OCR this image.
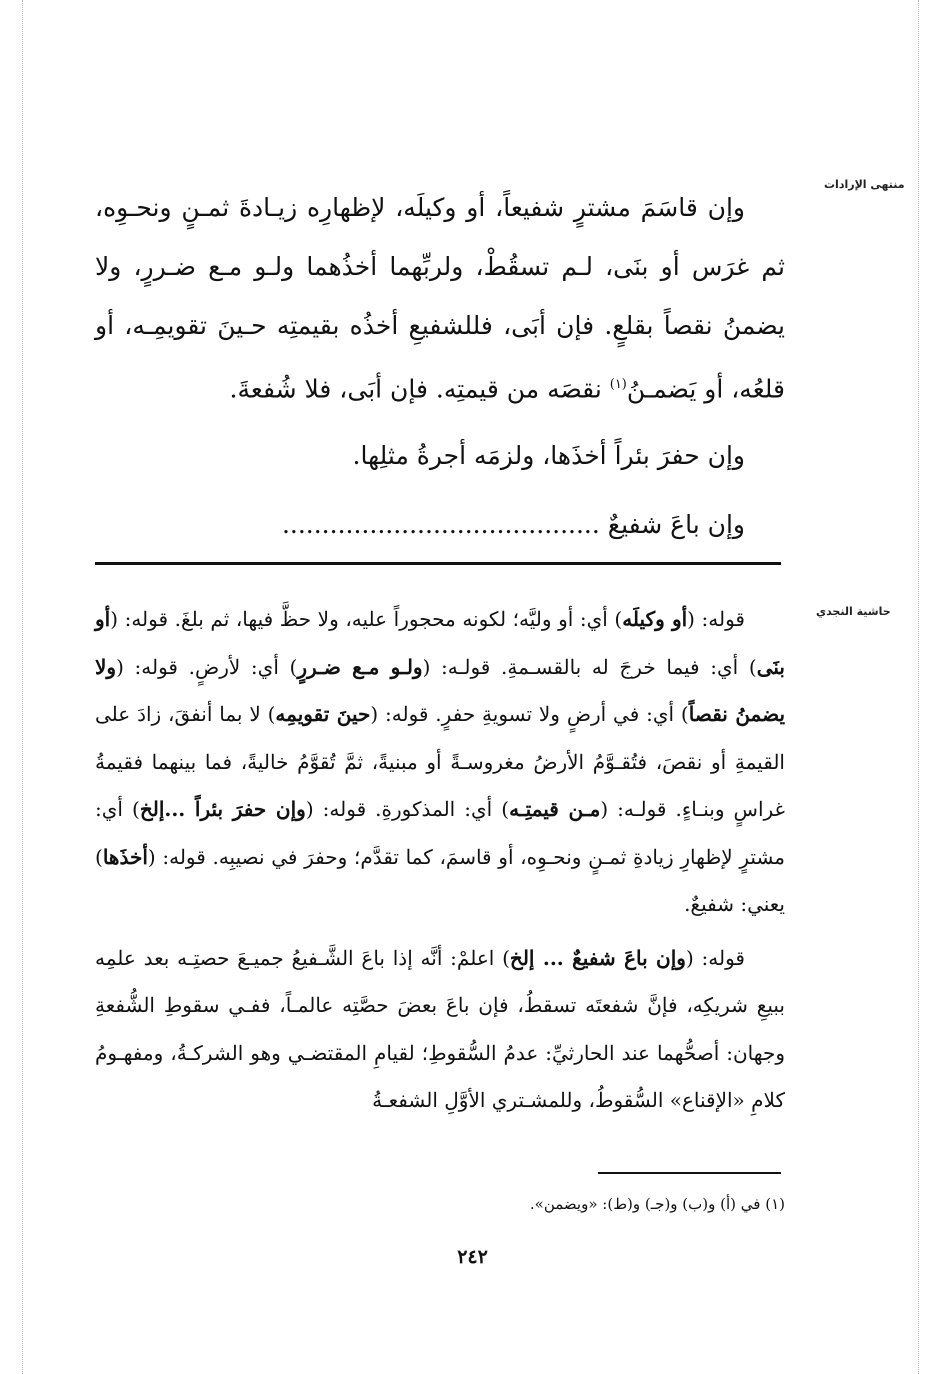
منتهى الإرادات
حاشية النجدي

وإن قاسَمَ مشترٍ شفيعاً، أو وكيلَه، لإظهارِه زيـادةَ ثمـنٍ ونحـوِه، ثم غرَس أو بنَى، لـم تسقُطْ، ولربِّهما أخذُهما ولـو مـع ضـررٍ، ولا يضمنُ نقصاً بقلعٍ. فإن أبَى، فللشفيعِ أخذُه بقيمتِه حـينَ تقويمِـه، أو قلعُه، أو يَضمـنُ$^{(١)}$ نقصَه من قيمتِه. فإن أبَى، فلا شُفعةَ.

وإن حفرَ بئراً أخذَها، ولزمَه أجرةُ مثلِها.

وإن باعَ شفيعٌ ........................................

قوله: (أو وكيلَه) أي: أو وليَّه؛ لكونه محجوراً عليه، ولا حظَّ فيها، ثم بلغَ. قوله: (أو بنَى) أي: فيما خرجَ له بالقسـمةِ. قولـه: (ولـو مـع ضـررٍ) أي: لأرضٍ. قوله: (ولا يضمنُ نقصاً) أي: في أرضٍ ولا تسويةِ حفرٍ. قوله: (حينَ تقويمِه) لا بما أنفقَ، زادَ على القيمةِ أو نقصَ، فتُقـوَّمُ الأرضُ مغروسـةً أو مبنيةً، ثمَّ تُقوَّمُ خاليةً، فما بينهما فقيمةُ غراسٍ وبنـاءٍ. قولـه: (مـن قيمتِـه) أي: المذكورةِ. قوله: (وإن حفرَ بئراً ...إلخ) أي: مشترٍ لإظهارِ زيادةِ ثمـنٍ ونحـوِه، أو قاسمَ، كما تقدَّم؛ وحفرَ في نصيبِه. قوله: (أخذَها) يعني: شفيعٌ.

قوله: (وإن باعَ شفيعٌ ... إلخ) اعلمْ: أنَّه إذا باعَ الشَّـفيعُ جميـعَ حصتِـه بعد علمِه ببيعِ شريكِه، فإنَّ شفعتَه تسقطُ، فإن باعَ بعضَ حصَّتِه عالمـاً، ففـي سقوطِ الشُّفعةِ وجهان: أصحُّهما عند الحارثيِّ: عدمُ السُّقوطِ؛ لقيامِ المقتضـي وهو الشركـةُ، ومفهـومُ كلامِ «الإقناع» السُّقوطُ، وللمشـتري الأوَّلِ الشفعـةُ

(١) في (أ) و(ب) و(جـ) و(ط): «ويضمن».
٢٤٢
